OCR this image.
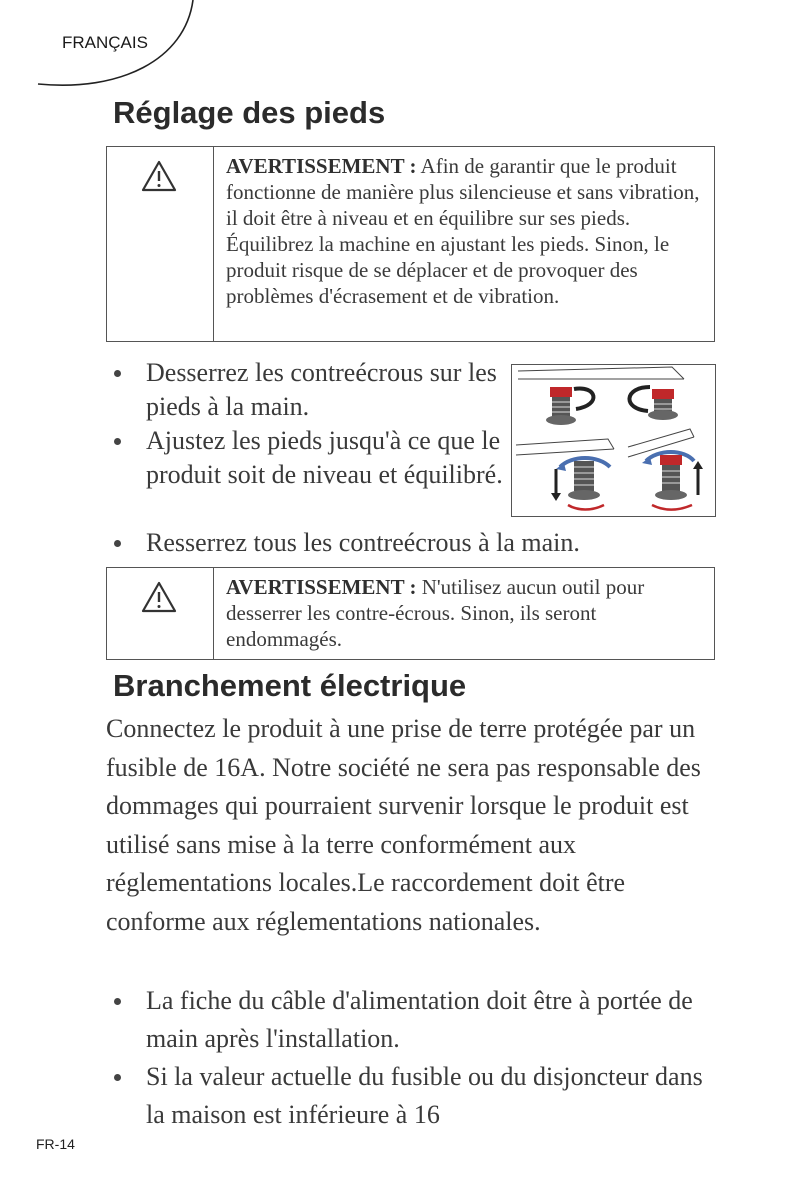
FRANÇAIS
Réglage des pieds
AVERTISSEMENT : Afin de garantir que le produit fonctionne de manière plus silencieuse et sans vibration, il doit être à niveau et en équilibre sur ses pieds. Équilibrez la machine en ajustant les pieds. Sinon, le produit risque de se déplacer et de provoquer des problèmes d'écrasement et de vibration.
Desserrez les contreécrous sur les pieds à la main.
Ajustez les pieds jusqu'à ce que le produit soit de niveau et équilibré.
Resserrez tous les contreécrous à la main.
AVERTISSEMENT : N'utilisez aucun outil pour desserrer les contre-écrous. Sinon, ils seront endommagés.
Branchement électrique

Connectez le produit à une prise de terre protégée par un fusible de 16A. Notre société ne sera pas responsable des dommages qui pourraient survenir lorsque le produit est utilisé sans mise à la terre conformément aux réglementations locales.Le raccordement doit être conforme aux réglementations nationales.

La fiche du câble d'alimentation doit être à portée de main après l'installation.
Si la valeur actuelle du fusible ou du disjoncteur dans la maison est inférieure à 16
FR-14
